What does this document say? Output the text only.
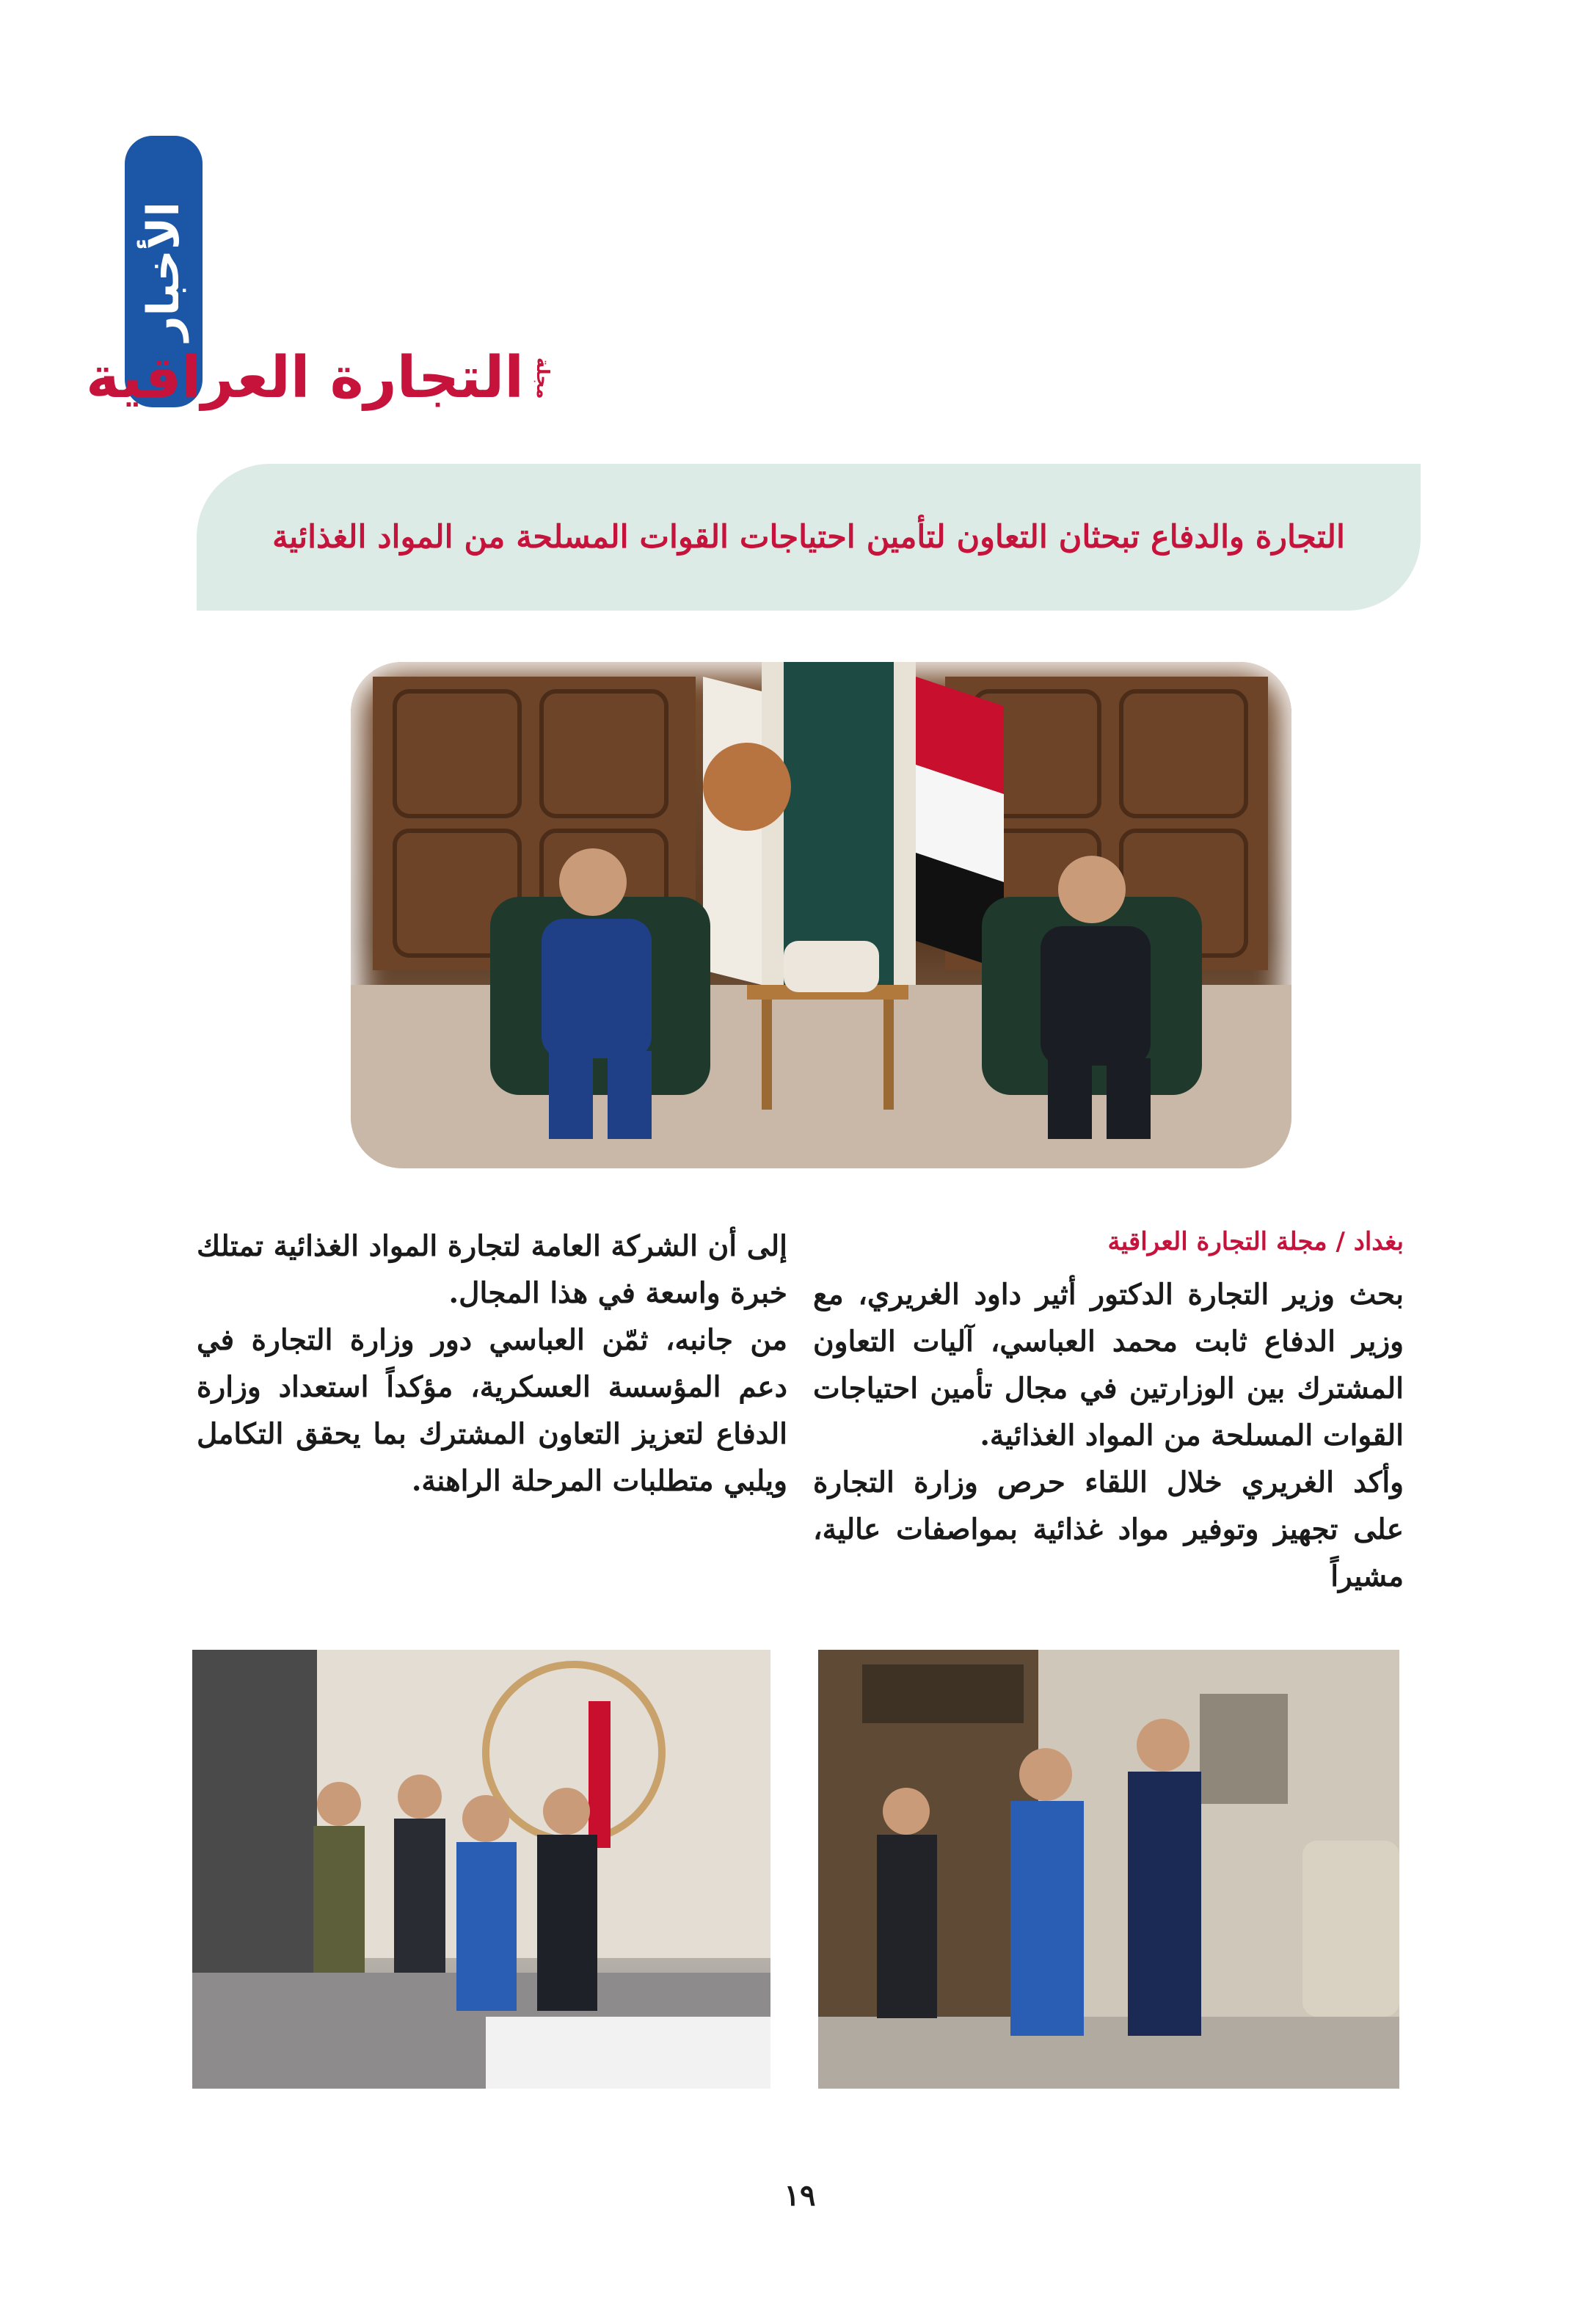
الأخبار
مجلة
التجارة العراقية
التجارة والدفاع تبحثان التعاون لتأمين احتياجات القوات المسلحة من المواد الغذائية

بغداد / مجلة التجارة العراقية

بحث وزير التجارة الدكتور أثير داود الغريري، مع وزير الدفاع ثابت محمد العباسي، آليات التعاون المشترك بين الوزارتين في مجال تأمين احتياجات القوات المسلحة من المواد الغذائية.

وأكد الغريري خلال اللقاء حرص وزارة التجارة على تجهيز وتوفير مواد غذائية بمواصفات عالية، مشيراً

إلى أن الشركة العامة لتجارة المواد الغذائية تمتلك خبرة واسعة في هذا المجال.

من جانبه، ثمّن العباسي دور وزارة التجارة في دعم المؤسسة العسكرية، مؤكداً استعداد وزارة الدفاع لتعزيز التعاون المشترك بما يحقق التكامل ويلبي متطلبات المرحلة الراهنة.

١٩
